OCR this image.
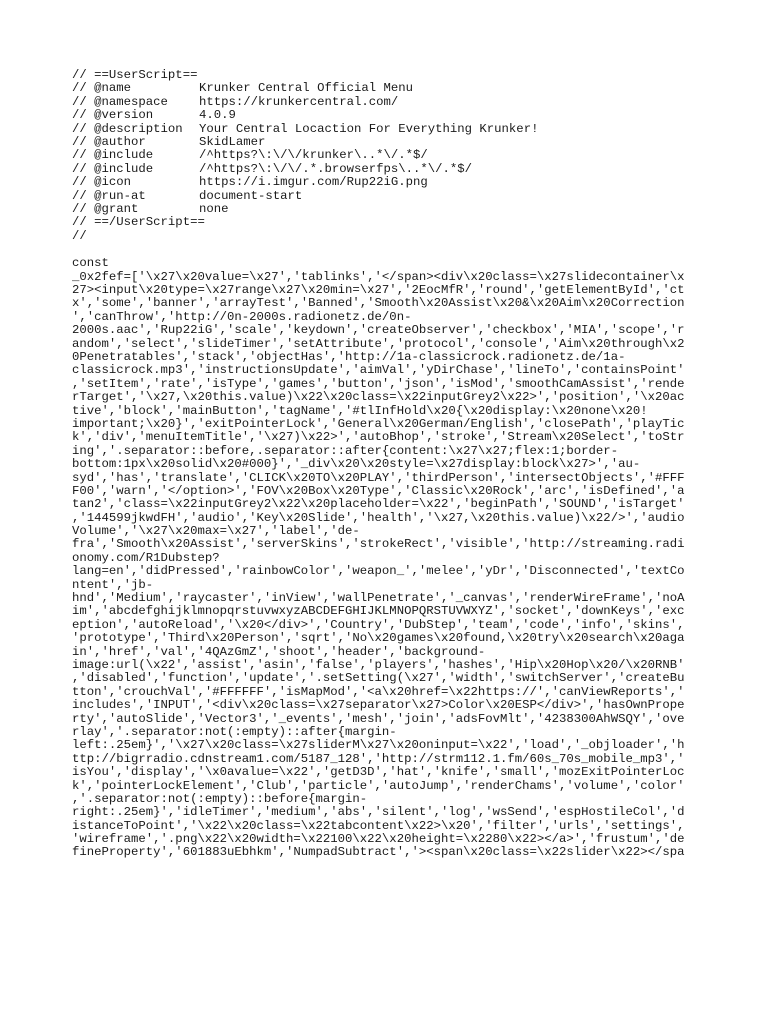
// ==UserScript==
// @name	Krunker Central Official Menu
// @namespace	https://krunkercentral.com/
// @version	4.0.9
// @description	Your Central Locaction For Everything Krunker!
// @author	SkidLamer
// @include	/^https?\:\/\/krunker\..*\/.*$/
// @include	/^https?\:\/\/.*.browserfps\..*\/.*$/
// @icon	https://i.imgur.com/Rup22iG.png
// @run-at	document-start
// @grant	none
// ==/UserScript==
//
const
_0x2fef=['\x27\x20value=\x27','tablinks','</span><div\x20class=\x27slidecontainer\x
27><input\x20type=\x27range\x27\x20min=\x27','2EocMfR','round','getElementById','ct
x','some','banner','arrayTest','Banned','Smooth\x20Assist\x20&\x20Aim\x20Correction
','canThrow','http://0n-2000s.radionetz.de/0n-
2000s.aac','Rup22iG','scale','keydown','createObserver','checkbox','MIA','scope','r
andom','select','slideTimer','setAttribute','protocol','console','Aim\x20through\x2
0Penetratables','stack','objectHas','http://1a-classicrock.radionetz.de/1a-
classicrock.mp3','instructionsUpdate','aimVal','yDirChase','lineTo','containsPoint'
,'setItem','rate','isType','games','button','json','isMod','smoothCamAssist','rende
rTarget','\x27,\x20this.value)\x22\x20class=\x22inputGrey2\x22>','position','\x20ac
tive','block','mainButton','tagName','#tlInfHold\x20{\x20display:\x20none\x20!
important;\x20}','exitPointerLock','General\x20German/English','closePath','playTic
k','div','menuItemTitle','\x27)\x22>','autoBhop','stroke','Stream\x20Select','toStr
ing','.separator::before,.separator::after{content:\x27\x27;flex:1;border-
bottom:1px\x20solid\x20#000}','_div\x20\x20style=\x27display:block\x27>','au-
syd','has','translate','CLICK\x20TO\x20PLAY','thirdPerson','intersectObjects','#FFF
F00','warn','</option>','FOV\x20Box\x20Type','Classic\x20Rock','arc','isDefined','a
tan2','class=\x22inputGrey2\x22\x20placeholder=\x22','beginPath','SOUND','isTarget'
,'144599jkwdFH','audio','Key\x20Slide','health','\x27,\x20this.value)\x22/>','audio
Volume','\x27\x20max=\x27','label','de-
fra','Smooth\x20Assist','serverSkins','strokeRect','visible','http://streaming.radi
onomy.com/R1Dubstep?
lang=en','didPressed','rainbowColor','weapon_','melee','yDr','Disconnected','textCo
ntent','jb-
hnd','Medium','raycaster','inView','wallPenetrate','_canvas','renderWireFrame','noA
im','abcdefghijklmnopqrstuvwxyzABCDEFGHIJKLMNOPQRSTUVWXYZ','socket','downKeys','exc
eption','autoReload','\x20</div>','Country','DubStep','team','code','info','skins',
'prototype','Third\x20Person','sqrt','No\x20games\x20found,\x20try\x20search\x20aga
in','href','val','4QAzGmZ','shoot','header','background-
image:url(\x22','assist','asin','false','players','hashes','Hip\x20Hop\x20/\x20RNB'
,'disabled','function','update','.setSetting(\x27','width','switchServer','createBu
tton','crouchVal','#FFFFFF','isMapMod','<a\x20href=\x22https://','canViewReports','
includes','INPUT','<div\x20class=\x27separator\x27>Color\x20ESP</div>','hasOwnPrope
rty','autoSlide','Vector3','_events','mesh','join','adsFovMlt','4238300AhWSQY','ove
rlay','.separator:not(:empty)::after{margin-
left:.25em}','\x27\x20class=\x27sliderM\x27\x20oninput=\x22','load','_objloader','h
ttp://bigrradio.cdnstream1.com/5187_128','http://strm112.1.fm/60s_70s_mobile_mp3','
isYou','display','\x0avalue=\x22','getD3D','hat','knife','small','mozExitPointerLoc
k','pointerLockElement','Club','particle','autoJump','renderChams','volume','color'
,'.separator:not(:empty)::before{margin-
right:.25em}','idleTimer','medium','abs','silent','log','wsSend','espHostileCol','d
istanceToPoint','\x22\x20class=\x22tabcontent\x22>\x20','filter','urls','settings',
'wireframe','.png\x22\x20width=\x22100\x22\x20height=\x2280\x22></a>','frustum','de
fineProperty','601883uEbhkm','NumpadSubtract','><span\x20class=\x22slider\x22></spa
